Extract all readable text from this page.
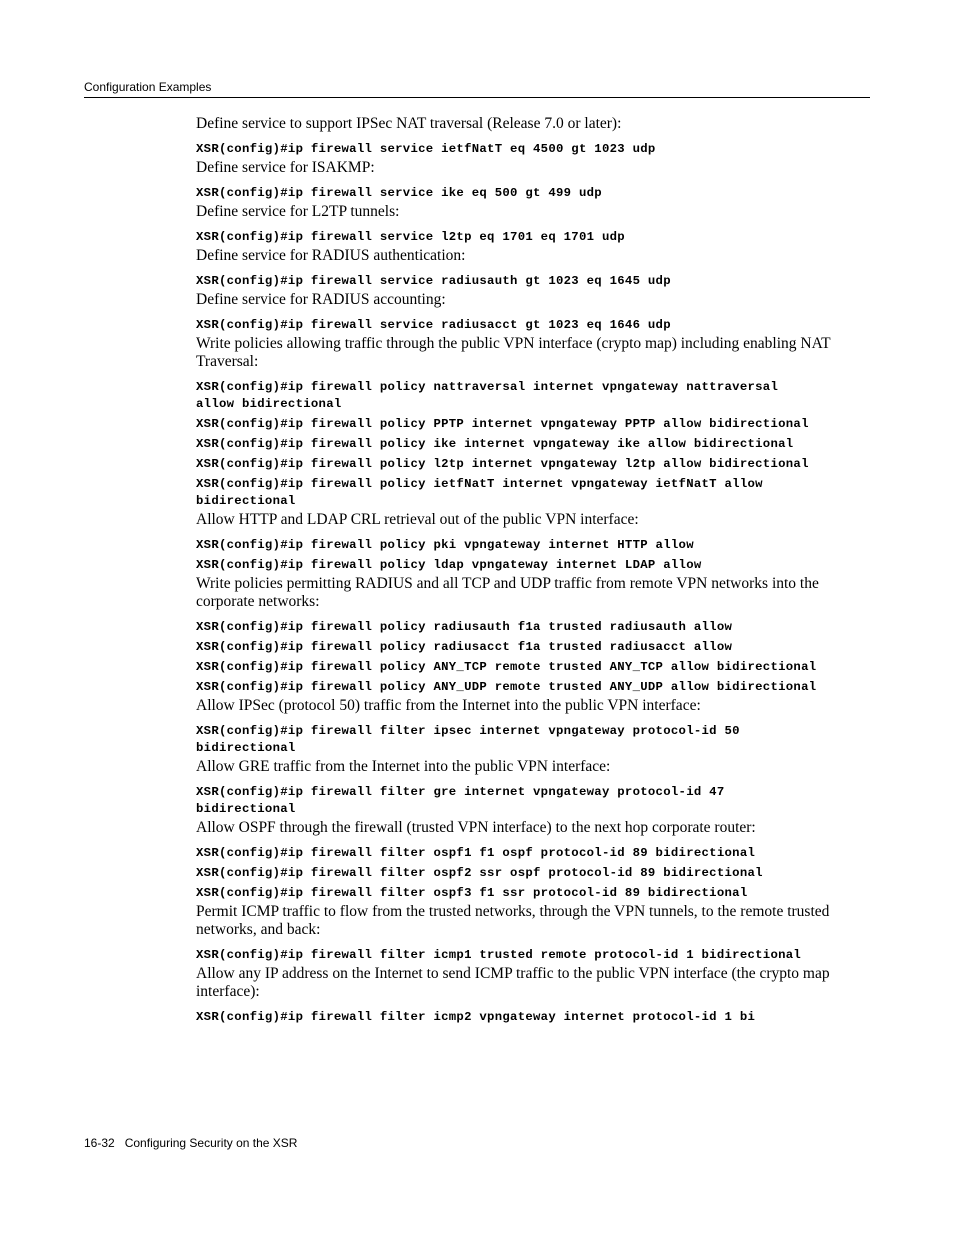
Configuration Examples
Define service to support IPSec NAT traversal (Release 7.0 or later):
XSR(config)#ip firewall service ietfNatT eq 4500 gt 1023 udp
Define service for ISAKMP:
XSR(config)#ip firewall service ike eq 500 gt 499 udp
Define service for L2TP tunnels:
XSR(config)#ip firewall service l2tp eq 1701 eq 1701 udp
Define service for RADIUS authentication:
XSR(config)#ip firewall service radiusauth gt 1023 eq 1645 udp
Define service for RADIUS accounting:
XSR(config)#ip firewall service radiusacct gt 1023 eq 1646 udp
Write policies allowing traffic through the public VPN interface (crypto map) including enabling NAT Traversal:
XSR(config)#ip firewall policy nattraversal internet vpngateway nattraversal
allow bidirectional
XSR(config)#ip firewall policy PPTP internet vpngateway PPTP allow bidirectional
XSR(config)#ip firewall policy ike internet vpngateway ike allow bidirectional
XSR(config)#ip firewall policy l2tp internet vpngateway l2tp allow bidirectional
XSR(config)#ip firewall policy ietfNatT internet vpngateway ietfNatT allow
bidirectional
Allow HTTP and LDAP CRL retrieval out of the public VPN interface:
XSR(config)#ip firewall policy pki vpngateway internet HTTP allow
XSR(config)#ip firewall policy ldap vpngateway internet LDAP allow
Write policies permitting RADIUS and all TCP and UDP traffic from remote VPN networks into the corporate networks:
XSR(config)#ip firewall policy radiusauth f1a trusted radiusauth allow
XSR(config)#ip firewall policy radiusacct f1a trusted radiusacct allow
XSR(config)#ip firewall policy ANY_TCP remote trusted ANY_TCP allow bidirectional
XSR(config)#ip firewall policy ANY_UDP remote trusted ANY_UDP allow bidirectional
Allow IPSec (protocol 50) traffic from the Internet into the public VPN interface:
XSR(config)#ip firewall filter ipsec internet vpngateway protocol-id 50
bidirectional
Allow GRE traffic from the Internet into the public VPN interface:
XSR(config)#ip firewall filter gre internet vpngateway protocol-id 47
bidirectional
Allow OSPF through the firewall (trusted VPN interface) to the next hop corporate router:
XSR(config)#ip firewall filter ospf1 f1 ospf protocol-id 89 bidirectional
XSR(config)#ip firewall filter ospf2 ssr ospf protocol-id 89 bidirectional
XSR(config)#ip firewall filter ospf3 f1 ssr protocol-id 89 bidirectional
Permit ICMP traffic to flow from the trusted networks, through the VPN tunnels, to the remote trusted networks, and back:
XSR(config)#ip firewall filter icmp1 trusted remote protocol-id 1 bidirectional
Allow any IP address on the Internet to send ICMP traffic to the public VPN interface (the crypto map interface):
XSR(config)#ip firewall filter icmp2 vpngateway internet protocol-id 1 bi
16-32 Configuring Security on the XSR
